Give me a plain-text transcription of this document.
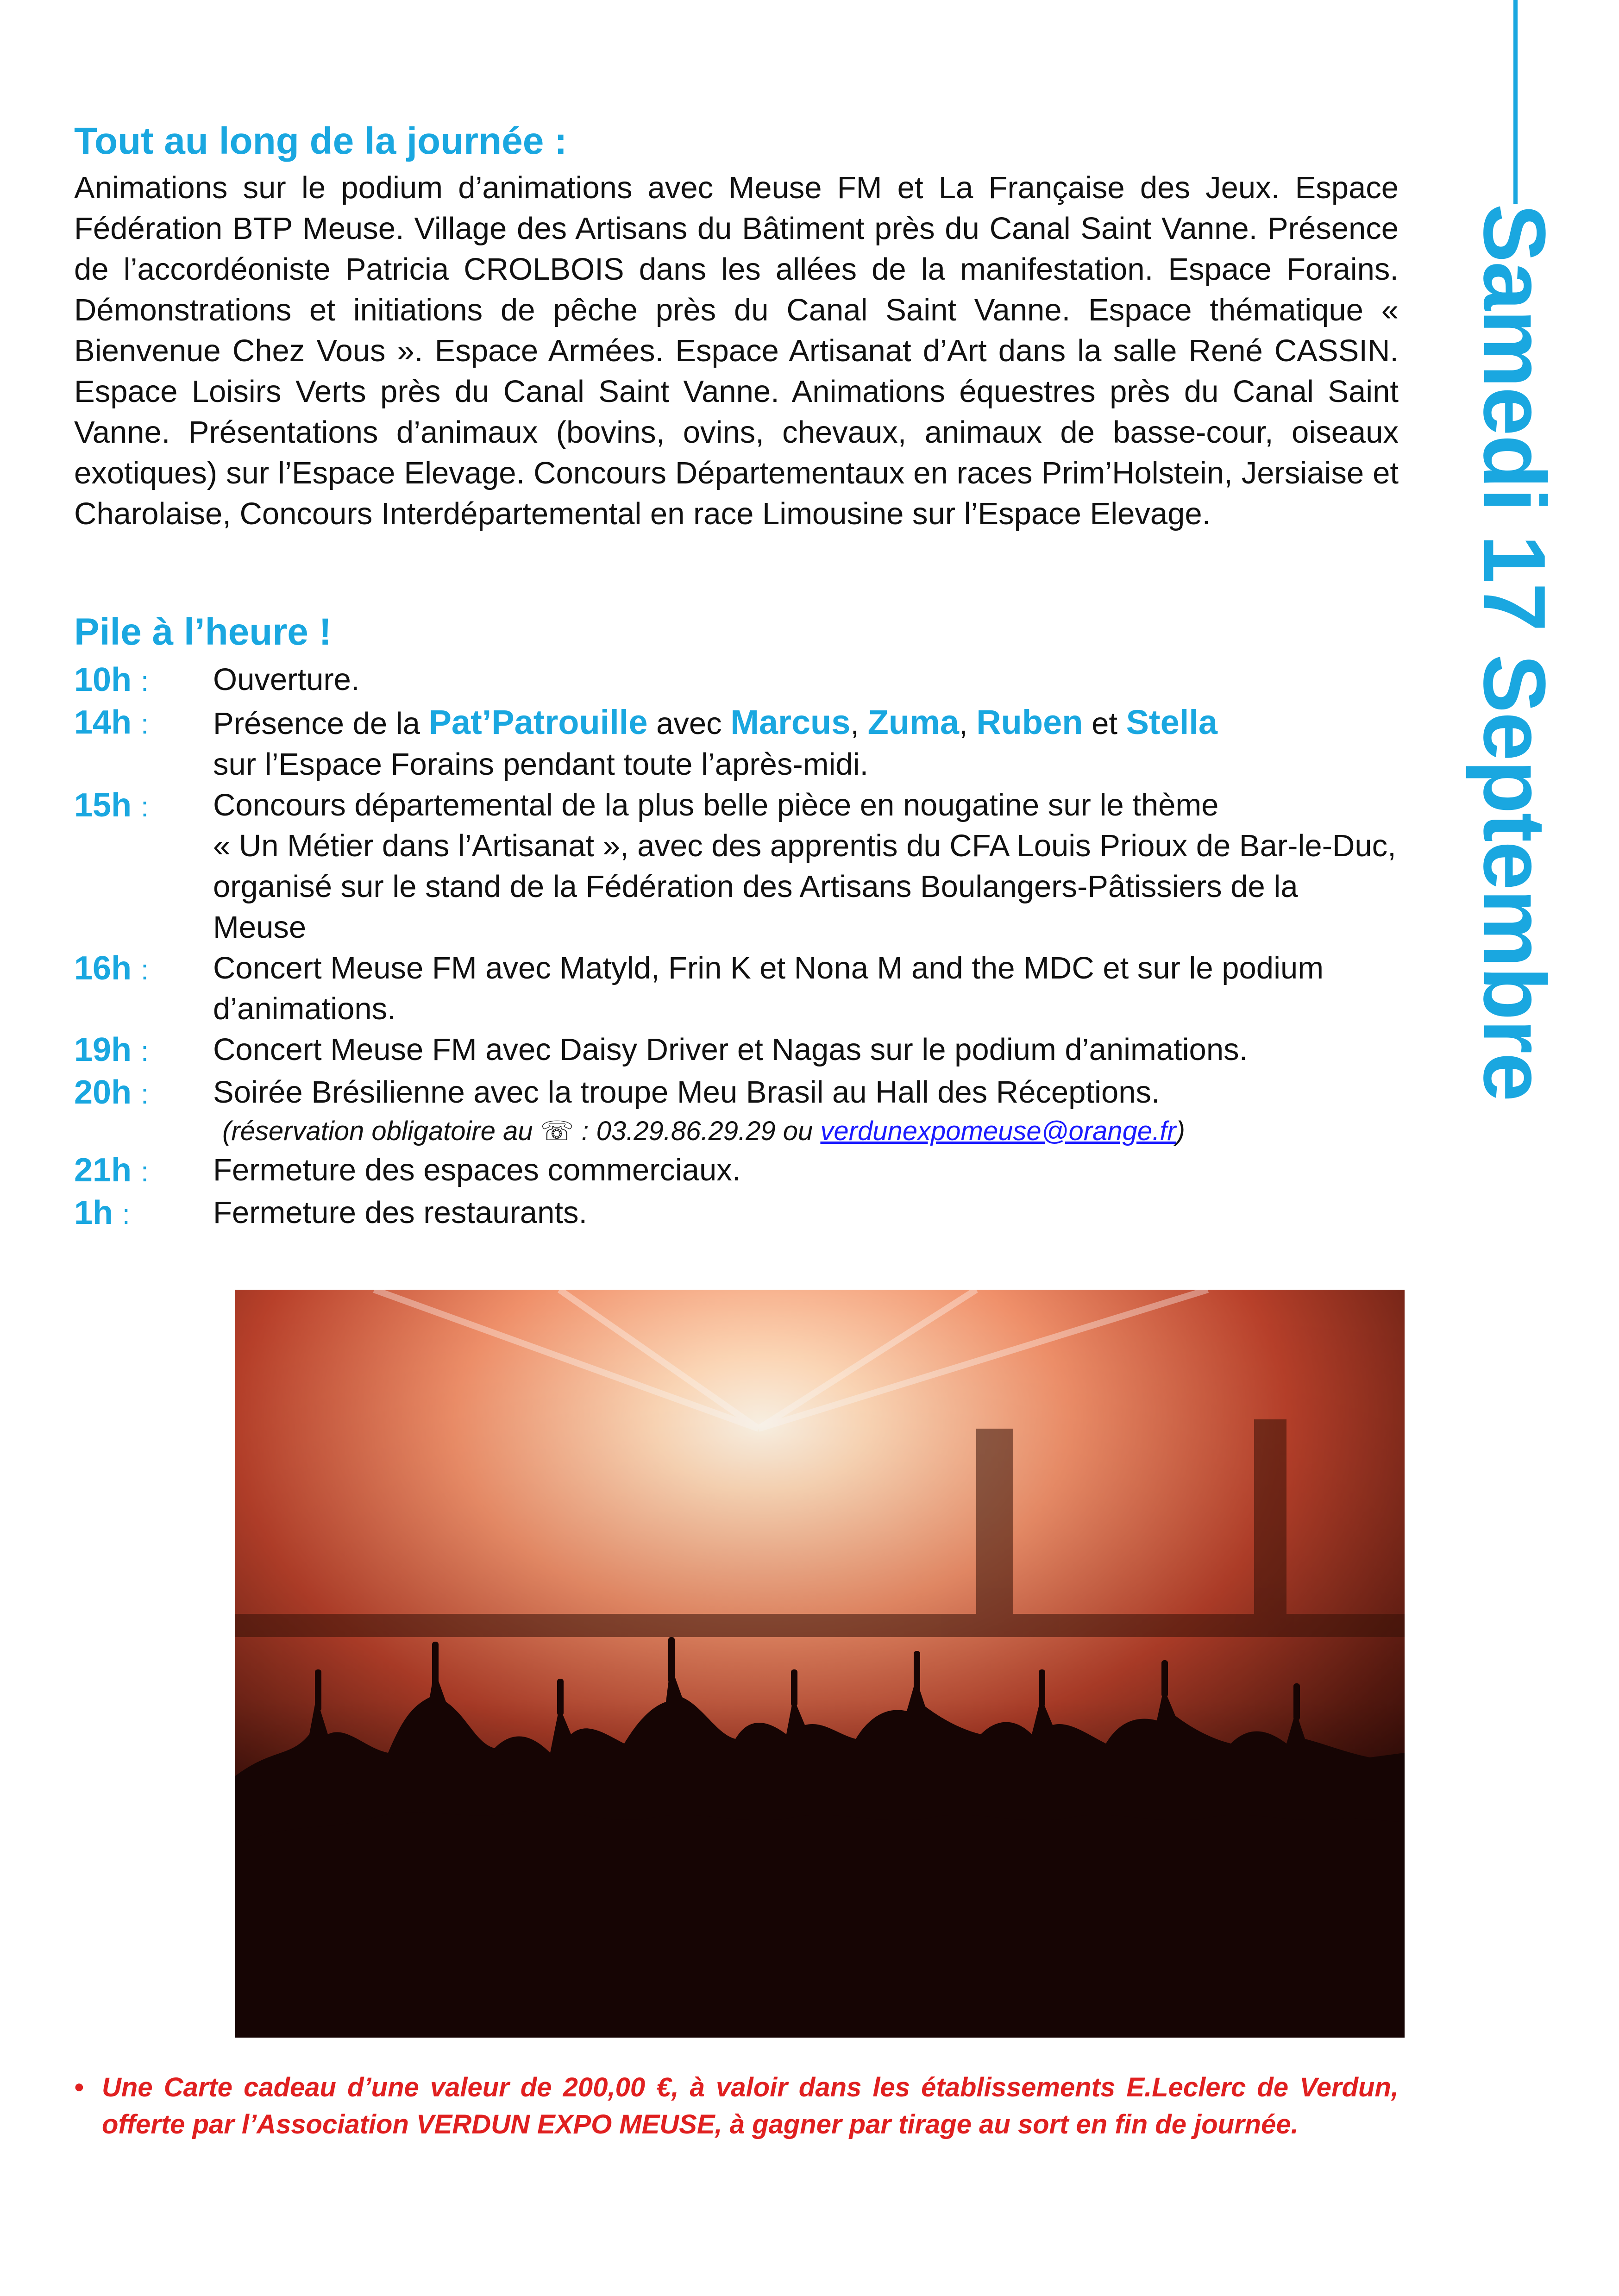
Samedi 17 Septembre
Tout au long de la journée :
Animations sur le podium d’animations avec Meuse FM et La Française des Jeux. Espace Fédération BTP Meuse. Village des Artisans du Bâtiment près du Canal Saint Vanne. Présence de l’accordéoniste Patricia CROLBOIS dans les allées de la manifestation. Espace Forains. Démonstrations et initiations de pêche près du Canal Saint Vanne. Espace thématique « Bienvenue Chez Vous ». Espace Armées. Espace Artisanat d’Art dans la salle René CASSIN. Espace Loisirs Verts près du Canal Saint Vanne. Animations équestres près du Canal Saint Vanne. Présentations d’animaux (bovins, ovins, chevaux, animaux de basse-cour, oiseaux exotiques) sur l’Espace Elevage. Concours Départementaux en races Prim’Holstein, Jersiaise et Charolaise, Concours Interdépartemental en race Limousine sur l’Espace Elevage.
Pile à l’heure !
10h :	Ouverture.
14h :	Présence de la Pat’Patrouille avec Marcus, Zuma, Ruben et Stella
sur l’Espace Forains pendant toute l’après-midi.
15h :	Concours départemental de la plus belle pièce en nougatine sur le thème
« Un Métier dans l’Artisanat », avec des apprentis du CFA Louis Prioux de Bar-le-Duc, organisé sur le stand de la Fédération des Artisans Boulangers-Pâtissiers de la Meuse
16h :	Concert Meuse FM avec Matyld, Frin K et Nona M and the MDC et sur le podium d’animations.
19h :	Concert Meuse FM avec Daisy Driver et Nagas sur le podium d’animations.
20h :	Soirée Brésilienne avec la troupe Meu Brasil au Hall des Réceptions.
(réservation obligatoire au ☏ : 03.29.86.29.29 ou verdunexpomeuse@orange.fr)
21h :	Fermeture des espaces commerciaux.
1h :	Fermeture des restaurants.
• Une Carte cadeau d’une valeur de 200,00 €, à valoir dans les établissements E.Leclerc de Verdun, offerte par l’Association VERDUN EXPO MEUSE, à gagner par tirage au sort en fin de journée.
